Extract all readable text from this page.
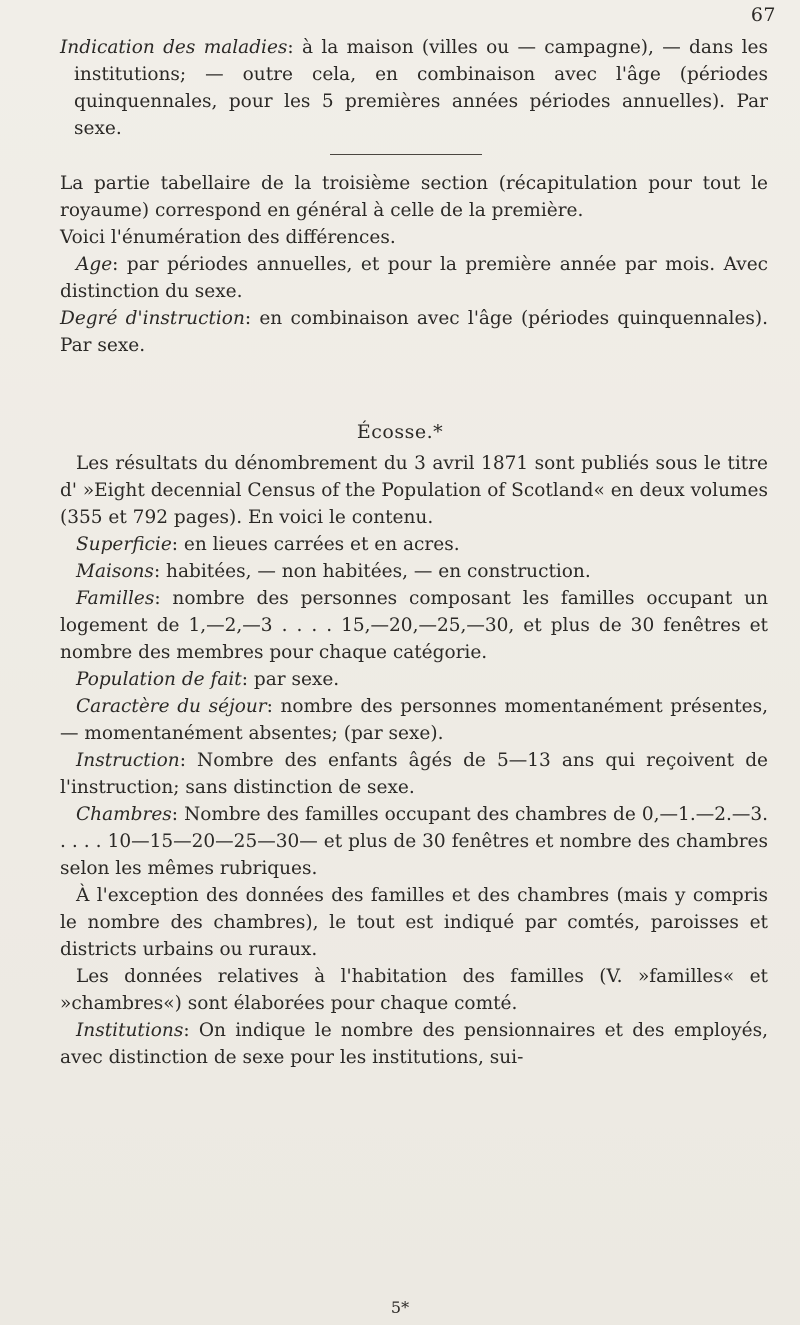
67

Indication des maladies: à la maison (villes ou — campagne), — dans les institutions; — outre cela, en combinaison avec l'âge (périodes quinquennales, pour les 5 premières années périodes annuelles). Par sexe.

La partie tabellaire de la troisième section (récapitulation pour tout le royaume) correspond en général à celle de la première.

Voici l'énumération des différences.

Age: par périodes annuelles, et pour la première année par mois. Avec distinction du sexe.

Degré d'instruction: en combinaison avec l'âge (périodes quinquennales). Par sexe.

Écosse.*

Les résultats du dénombrement du 3 avril 1871 sont publiés sous le titre d' »Eight decennial Census of the Population of Scotland« en deux volumes (355 et 792 pages). En voici le contenu.

Superficie: en lieues carrées et en acres.

Maisons: habitées, — non habitées, — en construction.

Familles: nombre des personnes composant les familles occupant un logement de 1,—2,—3 . . . . 15,—20,—25,—30, et plus de 30 fenêtres et nombre des membres pour chaque catégorie.

Population de fait: par sexe.

Caractère du séjour: nombre des personnes momentanément présentes, — momentanément absentes; (par sexe).

Instruction: Nombre des enfants âgés de 5—13 ans qui reçoivent de l'instruction; sans distinction de sexe.

Chambres: Nombre des familles occupant des chambres de 0,—1.—2.—3. . . . . 10—15—20—25—30— et plus de 30 fenêtres et nombre des chambres selon les mêmes rubriques.

À l'exception des données des familles et des chambres (mais y compris le nombre des chambres), le tout est indiqué par comtés, paroisses et districts urbains ou ruraux.

Les données relatives à l'habitation des familles (V. »familles« et »chambres«) sont élaborées pour chaque comté.

Institutions: On indique le nombre des pensionnaires et des employés, avec distinction de sexe pour les institutions, sui-

5*
